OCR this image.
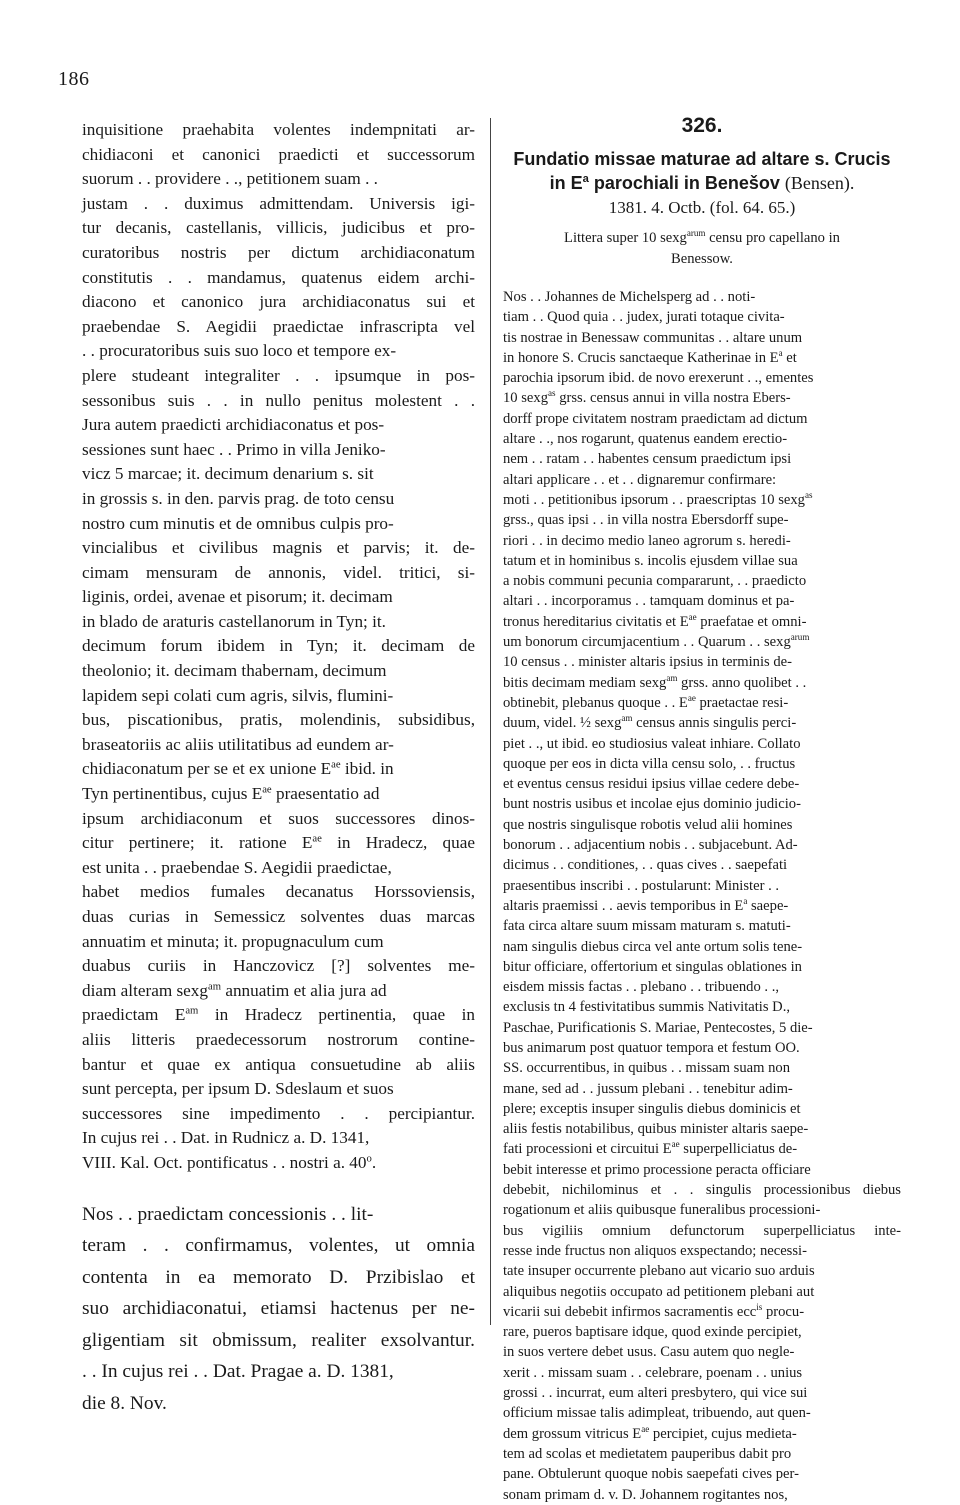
186
inquisitione praehabita volentes indempnitati ar-
chidiaconi et canonici praedicti et successorum
suorum . . providere . ., petitionem suam . .
justam . . duximus admittendam. Universis igi-
tur decanis, castellanis, villicis, judicibus et pro-
curatoribus nostris per dictum archidiaconatum
constitutis . . mandamus, quatenus eidem archi-
diacono et canonico jura archidiaconatus sui et
praebendae S. Aegidii praedictae infrascripta vel
. . procuratoribus suis suo loco et tempore ex-
plere studeant integraliter . . ipsumque in pos-
sessonibus suis . . in nullo penitus molestent . .
Jura autem praedicti archidiaconatus et pos-
sessiones sunt haec . . Primo in villa Jeniko-
vicz 5 marcae; it. decimum denarium s. sit
in grossis s. in den. parvis prag. de toto censu
nostro cum minutis et de omnibus culpis pro-
vincialibus et civilibus magnis et parvis; it. de-
cimam mensuram de annonis, videl. tritici, si-
liginis, ordei, avenae et pisorum; it. decimam
in blado de araturis castellanorum in Tyn; it.
decimum forum ibidem in Tyn; it. decimam de
theolonio; it. decimam thabernam, decimum
lapidem sepi colati cum agris, silvis, flumini-
bus, piscationibus, pratis, molendinis, subsidibus,
braseatoriis ac aliis utilitatibus ad eundem ar-
chidiaconatum per se et ex unione $E^{ae}$ ibid. in
Tyn pertinentibus, cujus $E^{ae}$ praesentatio ad
ipsum archidiaconum et suos successores dinos-
citur pertinere; it. ratione $E^{ae}$ in Hradecz, quae
est unita . . praebendae S. Aegidii praedictae,
habet medios fumales decanatus Horssoviensis,
duas curias in Semessicz solventes duas marcas
annuatim et minuta; it. propugnaculum cum
duabus curiis in Hanczovicz [?] solventes me-
diam alteram sexg$^{am}$ annuatim et alia jura ad
praedictam $E^{am}$ in Hradecz pertinentia, quae in
aliis litteris praedecessorum nostrorum contine-
bantur et quae ex antiqua consuetudine ab aliis
sunt percepta, per ipsum D. Sdeslaum et suos
successores sine impedimento . . percipiantur.
In cujus rei . . Dat. in Rudnicz a. D. 1341,
VIII. Kal. Oct. pontificatus . . nostri a. 40$^o$.
Nos . . praedictam concessionis . . lit-
teram . . confirmamus, volentes, ut omnia
contenta in ea memorato D. Przibislao et
suo archidiaconatui, etiamsi hactenus per ne-
gligentiam sit obmissum, realiter exsolvantur.
. . In cujus rei . . Dat. Pragae a. D. 1381,
die 8. Nov.
326.
Fundatio missae maturae ad altare s. Crucis
in $E^a$ parochiali in Benešov (Bensen).
1381. 4. Octb. (fol. 64. 65.)
Littera super 10 sexg$^{arum}$ censu pro capellano in
Benessow.
Nos . . Johannes de Michelsperg ad . . noti-
tiam . . Quod quia . . judex, jurati totaque civita-
tis nostrae in Benessaw communitas . . altare unum
in honore S. Crucis sanctaeque Katherinae in $E^a$ et
parochia ipsorum ibid. de novo erexerunt . ., ementes
10 sexg$^{as}$ grss. census annui in villa nostra Ebers-
dorff prope civitatem nostram praedictam ad dictum
altare . ., nos rogarunt, quatenus eandem erectio-
nem . . ratam . . habentes censum praedictum ipsi
altari applicare . . et . . dignaremur confirmare:
moti . . petitionibus ipsorum . . praescriptas 10 sexg$^{as}$
grss., quas ipsi . . in villa nostra Ebersdorff supe-
riori . . in decimo medio laneo agrorum s. heredi-
tatum et in hominibus s. incolis ejusdem villae sua
a nobis communi pecunia compararunt, . . praedicto
altari . . incorporamus . . tamquam dominus et pa-
tronus hereditarius civitatis et $E^{ae}$ praefatae et omni-
um bonorum circumjacentium . . Quarum . . sexg$^{arum}$
10 census . . minister altaris ipsius in terminis de-
bitis decimam mediam sexg$^{am}$ grss. anno quolibet . .
obtinebit, plebanus quoque . . $E^{ae}$ praetactae resi-
duum, videl. ½ sexg$^{am}$ census annis singulis perci-
piet . ., ut ibid. eo studiosius valeat inhiare. Collato
quoque per eos in dicta villa censu solo, . . fructus
et eventus census residui ipsius villae cedere debe-
bunt nostris usibus et incolae ejus dominio judicio-
que nostris singulisque robotis velud alii homines
bonorum . . adjacentium nobis . . subjacebunt. Ad-
dicimus . . conditiones, . . quas cives . . saepefati
praesentibus inscribi . . postularunt: Minister . .
altaris praemissi . . aevis temporibus in $E^a$ saepe-
fata circa altare suum missam maturam s. matuti-
nam singulis diebus circa vel ante ortum solis tene-
bitur officiare, offertorium et singulas oblationes in
eisdem missis factas . . plebano . . tribuendo . .,
exclusis tn 4 festivitatibus summis Nativitatis D.,
Paschae, Purificationis S. Mariae, Pentecostes, 5 die-
bus animarum post quatuor tempora et festum OO.
SS. occurrentibus, in quibus . . missam suam non
mane, sed ad . . jussum plebani . . tenebitur adim-
plere; exceptis insuper singulis diebus dominicis et
aliis festis notabilibus, quibus minister altaris saepe-
fati processioni et circuitui $E^{ae}$ superpelliciatus de-
bebit interesse et primo processione peracta officiare
debebit, nichilominus et . . singulis processionibus diebus
rogationum et aliis quibusque funeralibus processioni-
bus vigiliis omnium defunctorum superpelliciatus inte-
resse inde fructus non aliquos exspectando; necessi-
tate insuper occurrente plebano aut vicario suo arduis
aliquibus negotiis occupato ad petitionem plebani aut
vicarii sui debebit infirmos sacramentis ecc$^{is}$ procu-
rare, pueros baptisare idque, quod exinde percipiet,
in suos vertere debet usus. Casu autem quo negle-
xerit . . missam suam . . celebrare, poenam . . unius
grossi . . incurrat, eum alteri presbytero, qui vice sui
officium missae talis adimpleat, tribuendo, aut quen-
dem grossum vitricus $E^{ae}$ percipiet, cujus medieta-
tem ad scolas et medietatem pauperibus dabit pro
pane. Obtulerunt quoque nobis saepefati cives per-
sonam primam d. v. D. Johannem rogitantes nos,
